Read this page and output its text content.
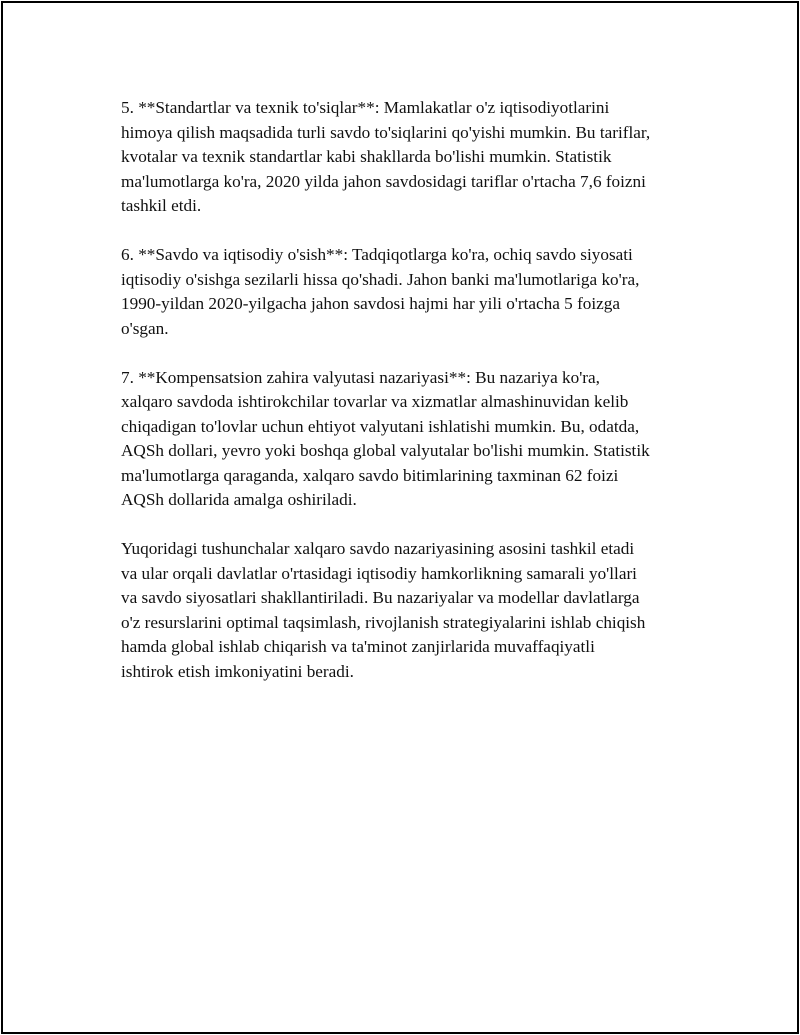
5. **Standartlar va texnik to'siqlar**: Mamlakatlar o'z iqtisodiyotlarini
himoya qilish maqsadida turli savdo to'siqlarini qo'yishi mumkin. Bu tariflar,
kvotalar va texnik standartlar kabi shakllarda bo'lishi mumkin. Statistik
ma'lumotlarga ko'ra, 2020 yilda jahon savdosidagi tariflar o'rtacha 7,6 foizni
tashkil etdi.

6. **Savdo va iqtisodiy o'sish**: Tadqiqotlarga ko'ra, ochiq savdo siyosati
iqtisodiy o'sishga sezilarli hissa qo'shadi. Jahon banki ma'lumotlariga ko'ra,
1990-yildan 2020-yilgacha jahon savdosi hajmi har yili o'rtacha 5 foizga
o'sgan.

7. **Kompensatsion zahira valyutasi nazariyasi**: Bu nazariya ko'ra,
xalqaro savdoda ishtirokchilar tovarlar va xizmatlar almashinuvidan kelib
chiqadigan to'lovlar uchun ehtiyot valyutani ishlatishi mumkin. Bu, odatda,
AQSh dollari, yevro yoki boshqa global valyutalar bo'lishi mumkin. Statistik
ma'lumotlarga qaraganda, xalqaro savdo bitimlarining taxminan 62 foizi
AQSh dollarida amalga oshiriladi.

Yuqoridagi tushunchalar xalqaro savdo nazariyasining asosini tashkil etadi
va ular orqali davlatlar o'rtasidagi iqtisodiy hamkorlikning samarali yo'llari
va savdo siyosatlari shakllantiriladi. Bu nazariyalar va modellar davlatlarga
o'z resurslarini optimal taqsimlash, rivojlanish strategiyalarini ishlab chiqish
hamda global ishlab chiqarish va ta'minot zanjirlarida muvaffaqiyatli
ishtirok etish imkoniyatini beradi.
